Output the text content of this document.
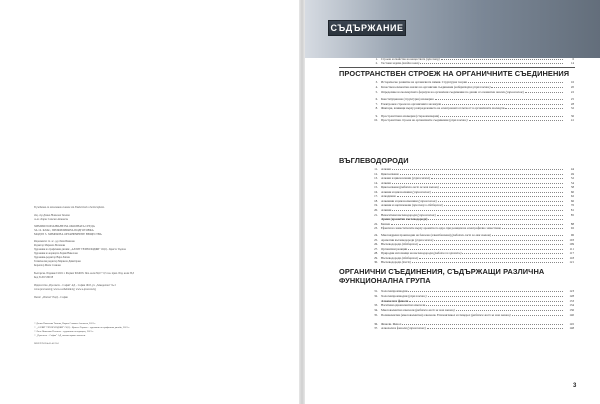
В учебника са използвани снимки от Shutterstock и Sciencephoto.

доц. д-р Донка Николова Ташева

гл.ас. Кирил Славчев Атанасов

ХИМИЯ И ОПАЗВАНЕ НА ОКОЛНАТА СРЕДА

ЗА 12. КЛАС, ПРОФИЛИРАНА ПОДГОТОВКА

МОДУЛ 3. ХИМИЯ НА ОРГАНИЧНИТЕ ВЕЩЕСТВА

Рецензенти: гл. ас. д-р Лила Иванова

Редактор Мариела Василева

Художник на графичния дизайн: „АЛЛИТ ТЕХНОЛОДЖИ“ ООД – Кристо Търпов

Художник на корицата Лидия Николова

Художник-редактор Вяра Ляпова

Технически редактор Мариела Димитрова

Коректор Мила Славова

Българска. Издание I/2021 г. Формат 60x90/8. Печ. коли 36,0 + 0,5 п.к. прил. Изд. коли 36,5

Код 3120153001Е

Издателство „Просвета – София“ АД – София 1618, ул. „Земеделска“ № 2

www.prosveta.bg; www.e-uchebnik.bg; www.e-prosveta.bg

Печат: „Ятаган“ ЕАД – София

© Донка Николова Ташева, Кирил Славчев Атанасов, 2021 г.

© „АЛЛИТ ТЕХНОЛОДЖИ“ ООД – Кристо Търпов – художник на графичния дизайн, 2021 г.

© Лиза Николова Ненчева – художник на корицата, 2021 г.

© „Просвета – София“ АД, всички права запазени.

ISBN 978-954-01-4123-6

СЪДЪРЖАНИЕ
1. Строеж и свойства на веществата (преговор)	6
2. Тестови задачи (входно ниво)	14
ПРОСТРАНСТВЕН СТРОЕЖ НА ОРГАНИЧНИТЕ СЪЕДИНЕНИЯ
3. Историческо развитие на органичната химия. Структурна теория	16
4. Качествен елементен анализ на органични съединения (лабораторно упражнение)	20
5. Определяне на молекулната формула на органични съединения по данни от елементен анализ (упражнение)	22
6. Конституционна (структурна) изомерия	25
7. Електронен строеж на органичните молекули	28
8. Фактори, влияещи върху разпределението на електронната плътност в органичните молекули	32
9. Пространствена изомерия (стереоизомерия)	36
10. Пространствен строеж на органичните съединения (упражнение)	41
ВЪГЛЕВОДОРОДИ
11. Алкани	44
12. Циклоалкани	49
13. Алкани и циклоалкани (упражнение)	52
14. Алкени	54
15. Циклоалкени (работен лист за моя знания)	58
16. Алкини и циклоалкини (упражнение)	60
17. Алкадиени	62
18. Алкенини и циклоалкенини (упражнение)	66
19. Алкини и ацетиленови (преговор и обобщение)	76
20. Алкини	81
21. Ненаситени въглеводороди (упражнение)	85
Арени (ароматни въглеводороди)
22. Бензен	88
23. Ефекти на заместителите върху ароматното ядро при реакции на електрофилно заместване	92
24. Многоядрени производни на бензена (алкилбензени) (работен лист за моя знания)	96
25. Ароматни въглеводороди (упражнение)	103
26. Въглеводороди (обобщение)	109
27. Органични реакции	111
28. Природни източници на въглеводороди (работа по проекти)	117
29. Въглеводороди (обобщение)	118
30. Въглеводороди (тест)	121
ОРГАНИЧНИ СЪЕДИНЕНИЯ, СЪДЪРЖАЩИ РАЗЛИЧНА
ФУНКЦИОНАЛНА ГРУПА
31. Халогенпроизводни	123
32. Халогенпроизводни (упражнение)	128
Алкохоли и феноли	133
33. Наситени едновалентни алкохоли	134
34. Многовалентни алкохоли (работен лист за моя знания)	136
35. Поливалентни (многовалентни) алкохоли. Етиленгликол и глицерол (работен лист за моя знания)	140
36. Феноли. Фенол	145
37. Алкохоли и феноли (упражнение)	148
3
